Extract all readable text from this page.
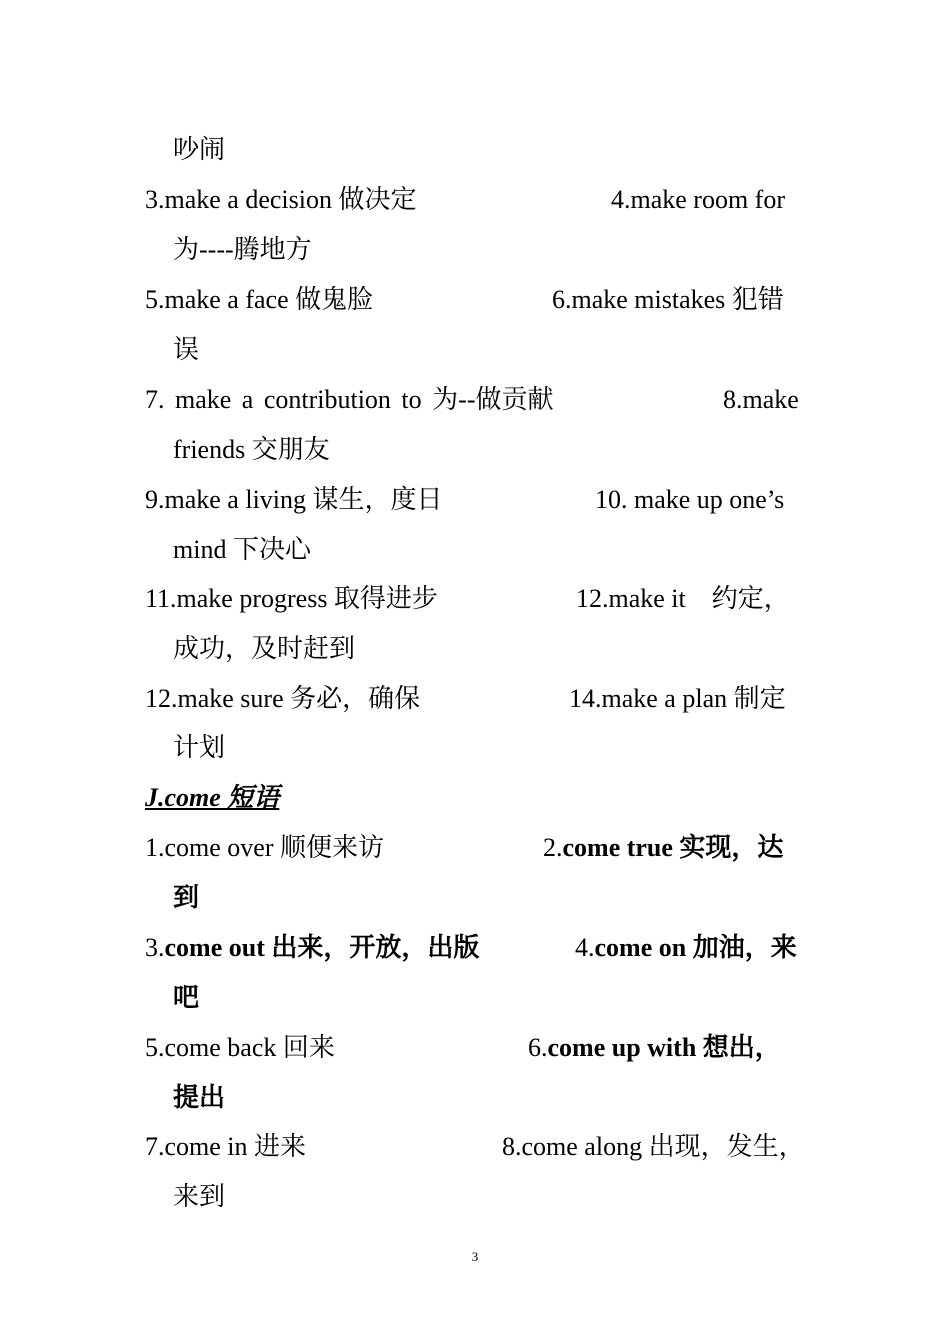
吵闹
3.make a decision 做决定	4.make room for
为----腾地方
5.make a face 做鬼脸	6.make mistakes 犯错
误
7. make a contribution to 为--做贡献	8.make
friends 交朋友
9.make a living 谋生，度日	10. make up one’s
mind 下决心
11.make progress 取得进步	12.make it　约定，
成功，及时赶到
12.make sure 务必，确保	14.make a plan 制定
计划
J.come 短语
1.come over 顺便来访	2.come true 实现，达
到
3.come out 出来，开放，出版	4.come on 加油，来
吧
5.come back 回来	6.come up with 想出，
提出
7.come in 进来	8.come along 出现，发生，
来到
3
